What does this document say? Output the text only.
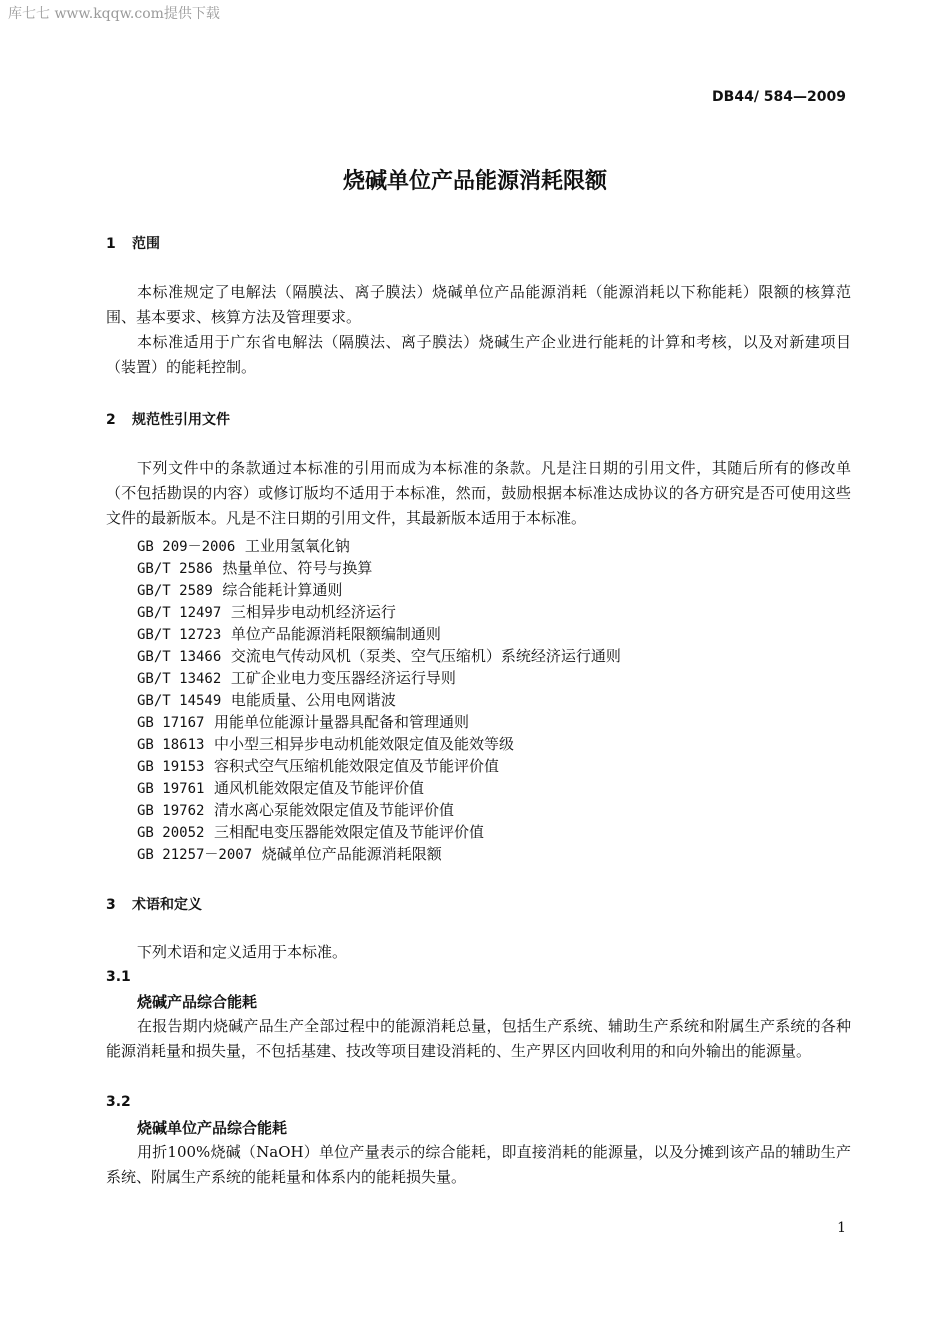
库七七 www.kqqw.com提供下载
DB44/ 584—2009
烧碱单位产品能源消耗限额
1 范围

本标准规定了电解法（隔膜法、离子膜法）烧碱单位产品能源消耗（能源消耗以下称能耗）限额的核算范围、基本要求、核算方法及管理要求。

本标准适用于广东省电解法（隔膜法、离子膜法）烧碱生产企业进行能耗的计算和考核，以及对新建项目（装置）的能耗控制。

2 规范性引用文件

下列文件中的条款通过本标准的引用而成为本标准的条款。凡是注日期的引用文件，其随后所有的修改单（不包括勘误的内容）或修订版均不适用于本标准，然而，鼓励根据本标准达成协议的各方研究是否可使用这些文件的最新版本。凡是不注日期的引用文件，其最新版本适用于本标准。

GB 209－2006 工业用氢氧化钠
GB/T 2586 热量单位、符号与换算
GB/T 2589 综合能耗计算通则
GB/T 12497 三相异步电动机经济运行
GB/T 12723 单位产品能源消耗限额编制通则
GB/T 13466 交流电气传动风机（泵类、空气压缩机）系统经济运行通则
GB/T 13462 工矿企业电力变压器经济运行导则
GB/T 14549 电能质量、公用电网谐波
GB 17167 用能单位能源计量器具配备和管理通则
GB 18613 中小型三相异步电动机能效限定值及能效等级
GB 19153 容积式空气压缩机能效限定值及节能评价值
GB 19761 通风机能效限定值及节能评价值
GB 19762 清水离心泵能效限定值及节能评价值
GB 20052 三相配电变压器能效限定值及节能评价值
GB 21257－2007 烧碱单位产品能源消耗限额
3 术语和定义

下列术语和定义适用于本标准。

3.1
烧碱产品综合能耗

在报告期内烧碱产品生产全部过程中的能源消耗总量，包括生产系统、辅助生产系统和附属生产系统的各种能源消耗量和损失量，不包括基建、技改等项目建设消耗的、生产界区内回收利用的和向外输出的能源量。

3.2
烧碱单位产品综合能耗

用折100%烧碱（NaOH）单位产量表示的综合能耗，即直接消耗的能源量，以及分摊到该产品的辅助生产系统、附属生产系统的能耗量和体系内的能耗损失量。

1
